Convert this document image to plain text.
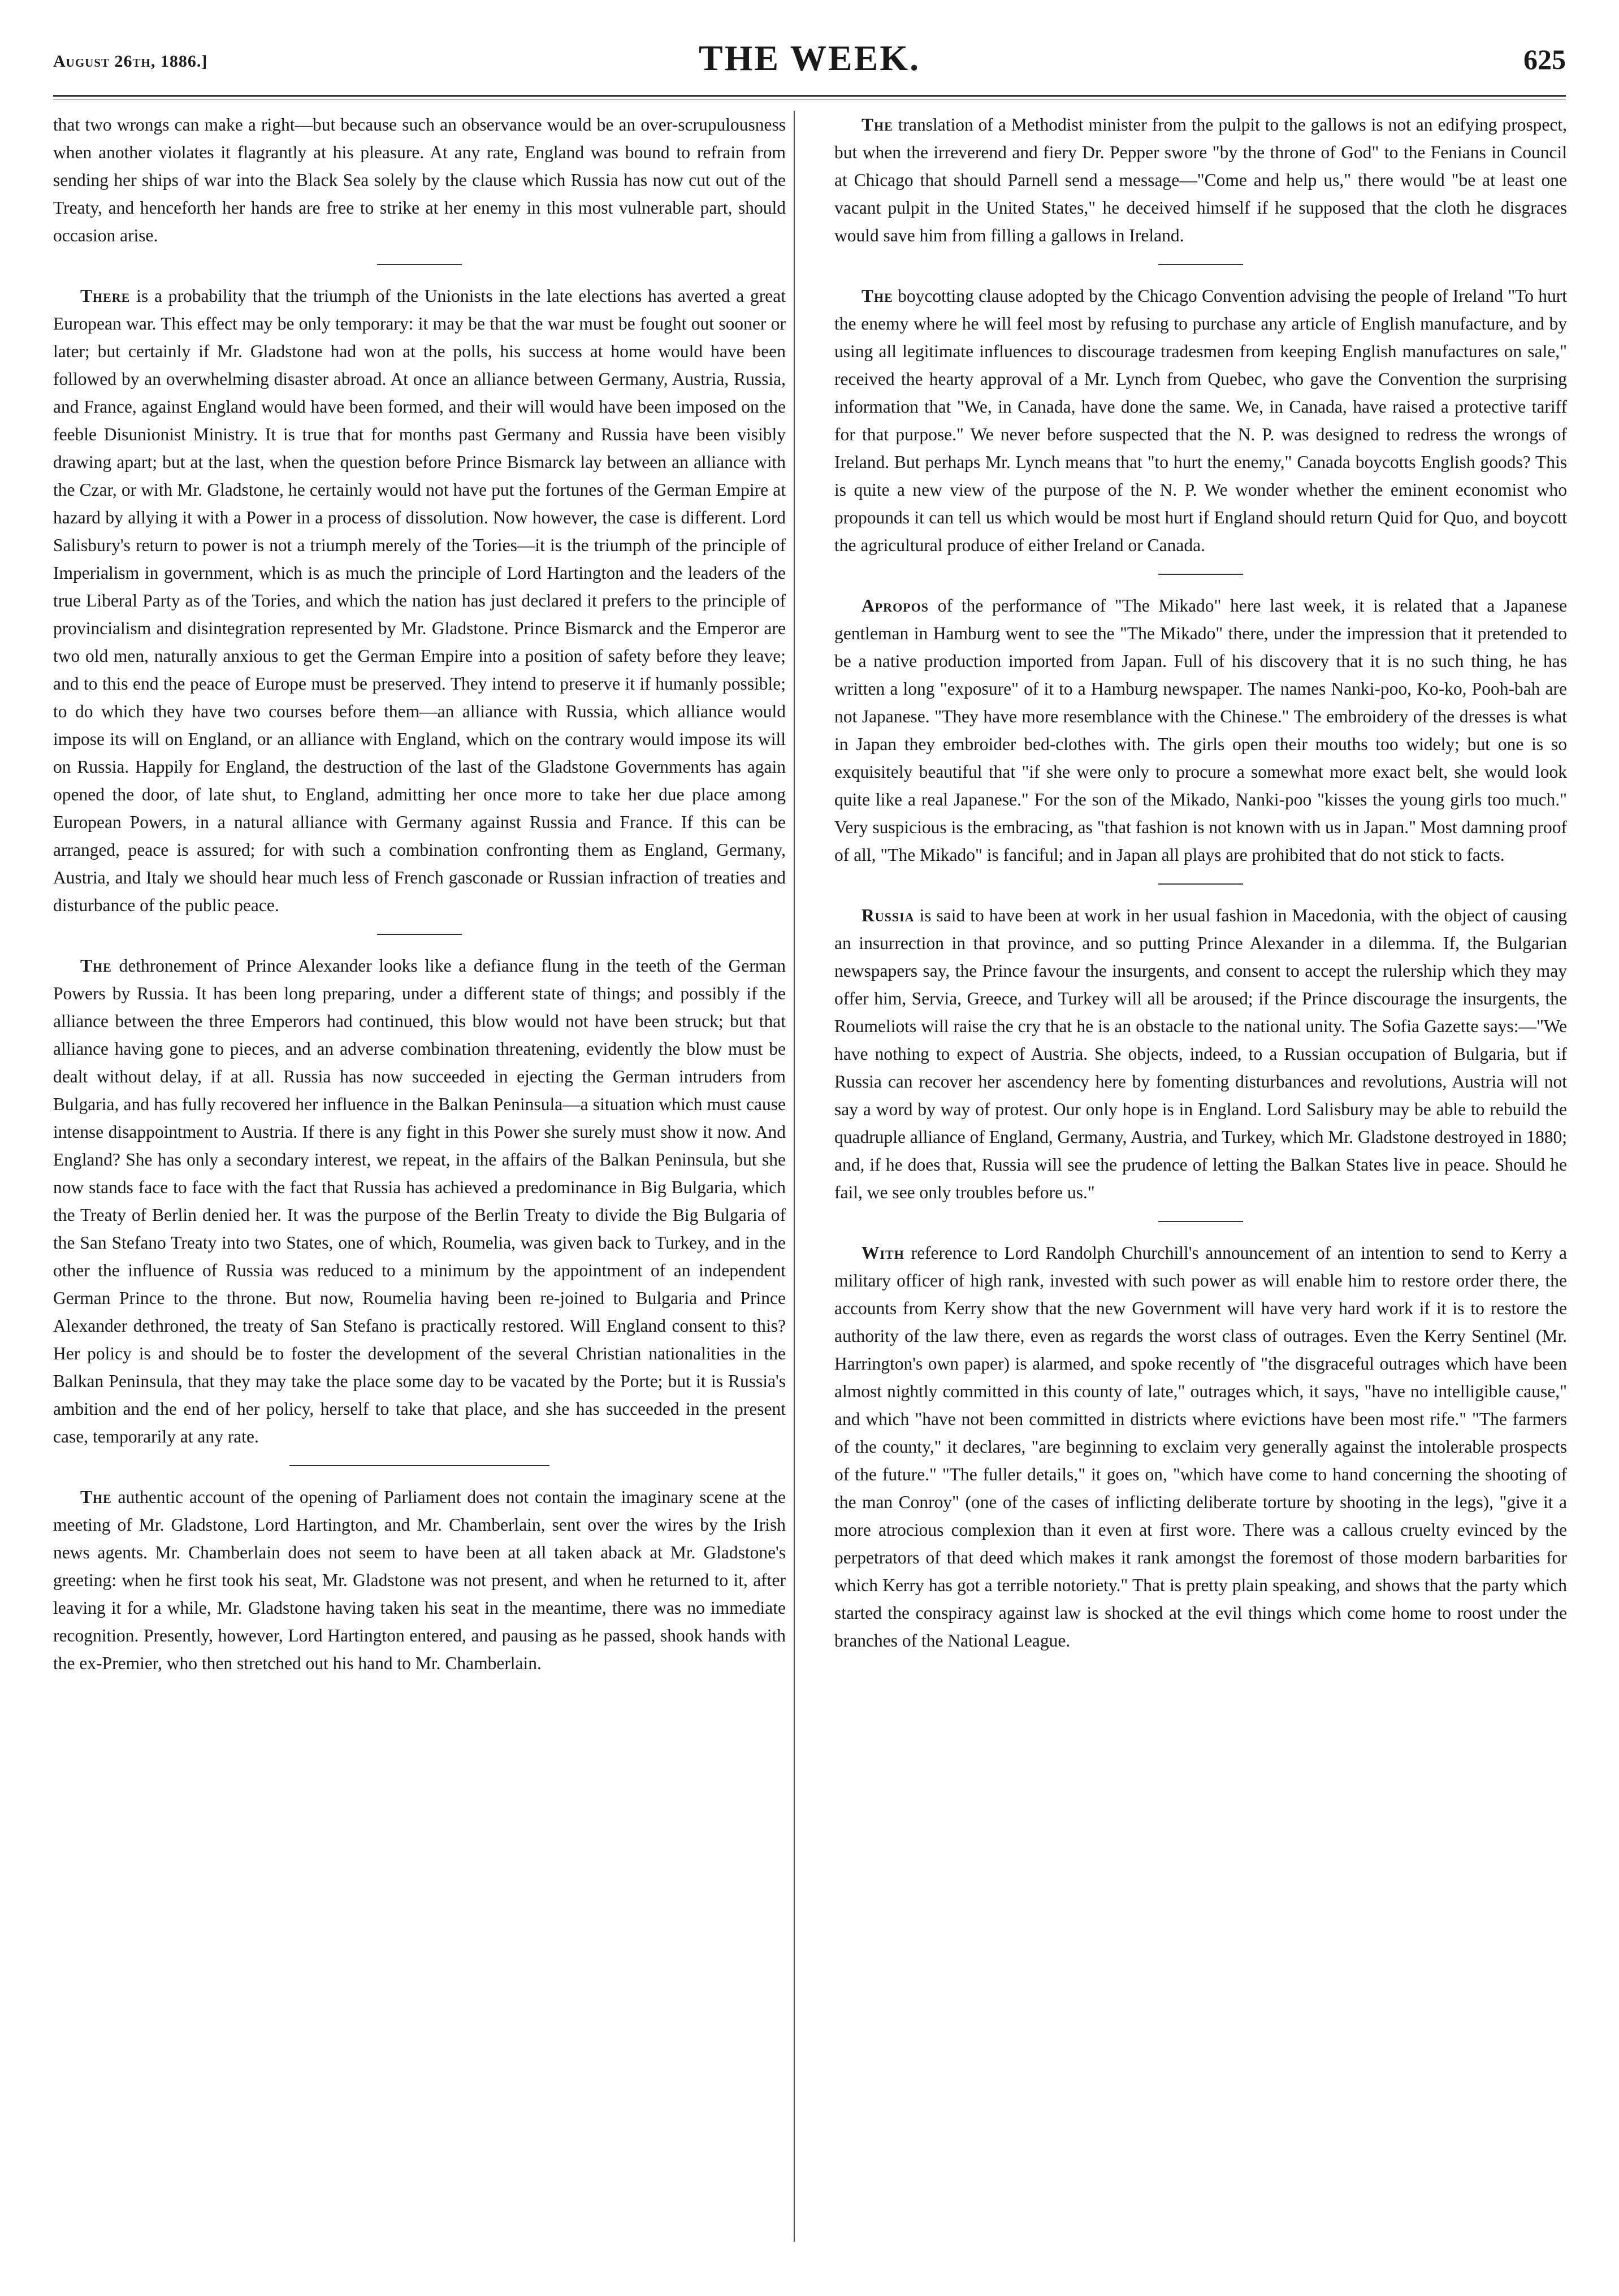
August 26th, 1886.]	THE WEEK.	625

that two wrongs can make a right—but because such an observance would be an over-scrupulousness when another violates it flagrantly at his pleasure. At any rate, England was bound to refrain from sending her ships of war into the Black Sea solely by the clause which Russia has now cut out of the Treaty, and henceforth her hands are free to strike at her enemy in this most vulnerable part, should occasion arise.

There is a probability that the triumph of the Unionists in the late elections has averted a great European war. This effect may be only temporary: it may be that the war must be fought out sooner or later; but certainly if Mr. Gladstone had won at the polls, his success at home would have been followed by an overwhelming disaster abroad. At once an alliance between Germany, Austria, Russia, and France, against England would have been formed, and their will would have been imposed on the feeble Disunionist Ministry. It is true that for months past Germany and Russia have been visibly drawing apart; but at the last, when the question before Prince Bismarck lay between an alliance with the Czar, or with Mr. Gladstone, he certainly would not have put the fortunes of the German Empire at hazard by allying it with a Power in a process of dissolution. Now however, the case is different. Lord Salisbury's return to power is not a triumph merely of the Tories—it is the triumph of the principle of Imperialism in government, which is as much the principle of Lord Hartington and the leaders of the true Liberal Party as of the Tories, and which the nation has just declared it prefers to the principle of provincialism and disintegration represented by Mr. Gladstone. Prince Bismarck and the Emperor are two old men, naturally anxious to get the German Empire into a position of safety before they leave; and to this end the peace of Europe must be preserved. They intend to preserve it if humanly possible; to do which they have two courses before them—an alliance with Russia, which alliance would impose its will on England, or an alliance with England, which on the contrary would impose its will on Russia. Happily for England, the destruction of the last of the Gladstone Governments has again opened the door, of late shut, to England, admitting her once more to take her due place among European Powers, in a natural alliance with Germany against Russia and France. If this can be arranged, peace is assured; for with such a combination confronting them as England, Germany, Austria, and Italy we should hear much less of French gasconade or Russian infraction of treaties and disturbance of the public peace.

The dethronement of Prince Alexander looks like a defiance flung in the teeth of the German Powers by Russia. It has been long preparing, under a different state of things; and possibly if the alliance between the three Emperors had continued, this blow would not have been struck; but that alliance having gone to pieces, and an adverse combination threatening, evidently the blow must be dealt without delay, if at all. Russia has now succeeded in ejecting the German intruders from Bulgaria, and has fully recovered her influence in the Balkan Peninsula—a situation which must cause intense disappointment to Austria. If there is any fight in this Power she surely must show it now. And England? She has only a secondary interest, we repeat, in the affairs of the Balkan Peninsula, but she now stands face to face with the fact that Russia has achieved a predominance in Big Bulgaria, which the Treaty of Berlin denied her. It was the purpose of the Berlin Treaty to divide the Big Bulgaria of the San Stefano Treaty into two States, one of which, Roumelia, was given back to Turkey, and in the other the influence of Russia was reduced to a minimum by the appointment of an independent German Prince to the throne. But now, Roumelia having been re-joined to Bulgaria and Prince Alexander dethroned, the treaty of San Stefano is practically restored. Will England consent to this? Her policy is and should be to foster the development of the several Christian nationalities in the Balkan Peninsula, that they may take the place some day to be vacated by the Porte; but it is Russia's ambition and the end of her policy, herself to take that place, and she has succeeded in the present case, temporarily at any rate.

The authentic account of the opening of Parliament does not contain the imaginary scene at the meeting of Mr. Gladstone, Lord Hartington, and Mr. Chamberlain, sent over the wires by the Irish news agents. Mr. Chamberlain does not seem to have been at all taken aback at Mr. Gladstone's greeting: when he first took his seat, Mr. Gladstone was not present, and when he returned to it, after leaving it for a while, Mr. Gladstone having taken his seat in the meantime, there was no immediate recognition. Presently, however, Lord Hartington entered, and pausing as he passed, shook hands with the ex-Premier, who then stretched out his hand to Mr. Chamberlain.

The translation of a Methodist minister from the pulpit to the gallows is not an edifying prospect, but when the irreverend and fiery Dr. Pepper swore "by the throne of God" to the Fenians in Council at Chicago that should Parnell send a message—"Come and help us," there would "be at least one vacant pulpit in the United States," he deceived himself if he supposed that the cloth he disgraces would save him from filling a gallows in Ireland.

The boycotting clause adopted by the Chicago Convention advising the people of Ireland "To hurt the enemy where he will feel most by refusing to purchase any article of English manufacture, and by using all legitimate influences to discourage tradesmen from keeping English manufactures on sale," received the hearty approval of a Mr. Lynch from Quebec, who gave the Convention the surprising information that "We, in Canada, have done the same. We, in Canada, have raised a protective tariff for that purpose." We never before suspected that the N. P. was designed to redress the wrongs of Ireland. But perhaps Mr. Lynch means that "to hurt the enemy," Canada boycotts English goods? This is quite a new view of the purpose of the N. P. We wonder whether the eminent economist who propounds it can tell us which would be most hurt if England should return Quid for Quo, and boycott the agricultural produce of either Ireland or Canada.

Apropos of the performance of "The Mikado" here last week, it is related that a Japanese gentleman in Hamburg went to see the "The Mikado" there, under the impression that it pretended to be a native production imported from Japan. Full of his discovery that it is no such thing, he has written a long "exposure" of it to a Hamburg newspaper. The names Nanki-poo, Ko-ko, Pooh-bah are not Japanese. "They have more resemblance with the Chinese." The embroidery of the dresses is what in Japan they embroider bed-clothes with. The girls open their mouths too widely; but one is so exquisitely beautiful that "if she were only to procure a somewhat more exact belt, she would look quite like a real Japanese." For the son of the Mikado, Nanki-poo "kisses the young girls too much." Very suspicious is the embracing, as "that fashion is not known with us in Japan." Most damning proof of all, "The Mikado" is fanciful; and in Japan all plays are prohibited that do not stick to facts.

Russia is said to have been at work in her usual fashion in Macedonia, with the object of causing an insurrection in that province, and so putting Prince Alexander in a dilemma. If, the Bulgarian newspapers say, the Prince favour the insurgents, and consent to accept the rulership which they may offer him, Servia, Greece, and Turkey will all be aroused; if the Prince discourage the insurgents, the Roumeliots will raise the cry that he is an obstacle to the national unity. The Sofia Gazette says:—"We have nothing to expect of Austria. She objects, indeed, to a Russian occupation of Bulgaria, but if Russia can recover her ascendency here by fomenting disturbances and revolutions, Austria will not say a word by way of protest. Our only hope is in England. Lord Salisbury may be able to rebuild the quadruple alliance of England, Germany, Austria, and Turkey, which Mr. Gladstone destroyed in 1880; and, if he does that, Russia will see the prudence of letting the Balkan States live in peace. Should he fail, we see only troubles before us."

With reference to Lord Randolph Churchill's announcement of an intention to send to Kerry a military officer of high rank, invested with such power as will enable him to restore order there, the accounts from Kerry show that the new Government will have very hard work if it is to restore the authority of the law there, even as regards the worst class of outrages. Even the Kerry Sentinel (Mr. Harrington's own paper) is alarmed, and spoke recently of "the disgraceful outrages which have been almost nightly committed in this county of late," outrages which, it says, "have no intelligible cause," and which "have not been committed in districts where evictions have been most rife." "The farmers of the county," it declares, "are beginning to exclaim very generally against the intolerable prospects of the future." "The fuller details," it goes on, "which have come to hand concerning the shooting of the man Conroy" (one of the cases of inflicting deliberate torture by shooting in the legs), "give it a more atrocious complexion than it even at first wore. There was a callous cruelty evinced by the perpetrators of that deed which makes it rank amongst the foremost of those modern barbarities for which Kerry has got a terrible notoriety." That is pretty plain speaking, and shows that the party which started the conspiracy against law is shocked at the evil things which come home to roost under the branches of the National League.
